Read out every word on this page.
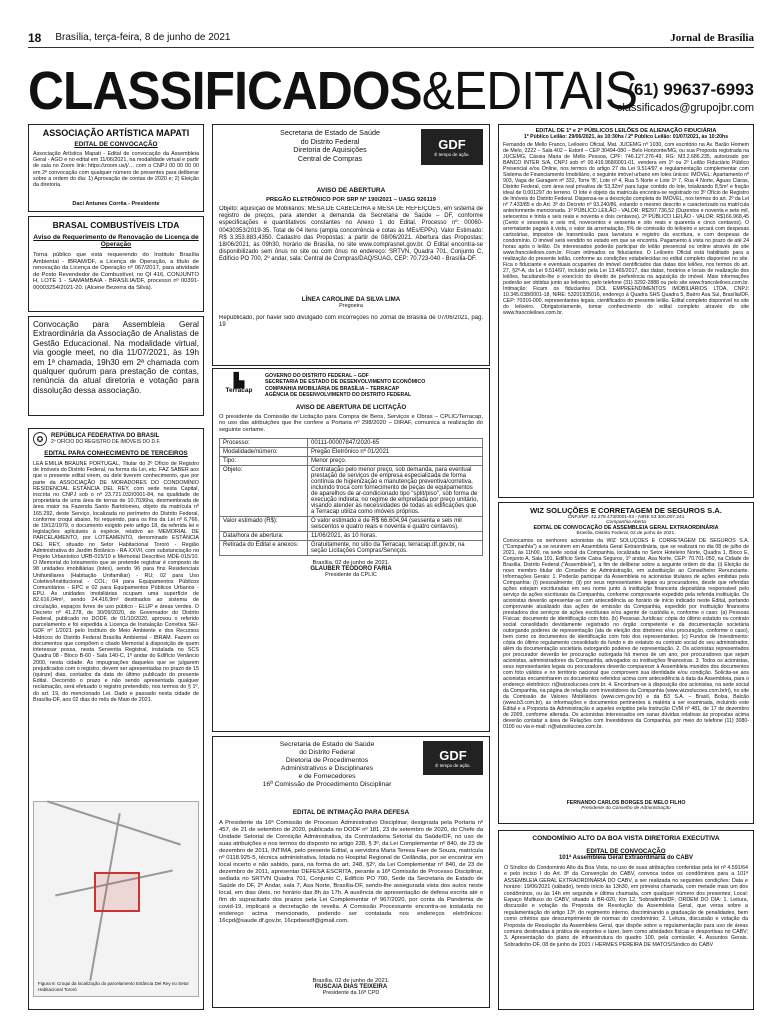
18 Brasília, terça-feira, 8 de junho de 2021	Jornal de Brasília
CLASSIFICADOS&EDITAIS
(61) 99637-6993
classificados@grupojbr.com
ASSOCIAÇÃO ARTÍSTICA MAPATI
EDITAL DE CONVOCAÇÃO
Associação Artística Mapati - Edital de convocação da Assembleia Geral - AGO e no edital em 11/06/2021, na modalidade virtual e partir de sala no Zoom link: https://zoom.us/j/… com o CNPJ 00 00 00 00 em 2ª convocação com qualquer número de presentes para deliberar sobre a ordem do dia: 1) Aprovação de contas de 2020 e; 2) Eleição da diretoria.
Daci Antunes Corrêa - Presidente
BRASAL COMBUSTÍVEIS LTDA
Aviso de Requerimento de Renovação de Licença de Operação
Torna público que está requerendo do Instituto Brasília Ambiental - IBRAM/DF, a Licença de Operação, a título de renovação da Licença de Operação nº 067/2017, para atividade de Posto Revendedor de Combustível, no QI 416, CONJUNTO H, LOTE 1 - SAMAMBAIA - BRASÍLIA/DF, processo nº 00391-00003254/2021-20. (Alcene Bezerra da Silva).
Convocação para Assembleia Geral Extraordinária da Associação de Analistas de Gestão Educacional. Na modalidade virtual, via google meet, no dia 11/07/2021, às 19h em 1ª chamada, 19h30 em 2ª chamada com qualquer quórum para prestação de contas, renúncia da atual diretoria e votação para dissolução dessa associação.
✪	REPÚBLICA FEDERATIVA DO BRASIL
2º OFÍCIO DO REGISTRO DE IMÓVEIS DO D.F.
EDITAL PARA CONHECIMENTO DE TERCEIROS
LÉA EMILIA BRAUNE PORTUGAL, Titular do 2º Ofício de Registro de Imóveis do Distrito Federal, na forma da Lei, etc. FAZ SABER aos que o presente edital virem, ou dele tiverem conhecimento, que por parte da ASSOCIAÇÃO DE MORADORES DO CONDOMÍNIO RESIDENCIAL ESTÂNCIA DEL REY, com sede nesta Capital, inscrita no CNPJ sob o nº 23.721.032/0001-84, na qualidade de proprietária de uma área de terras de 10,7036ha, desmembrada de área maior na Fazenda Santo Bartolomeu, objeto da matrícula nº 165.292, deste Serviço, localizada no perímetro do Distrito Federal, conforme croqui abaixo, foi requerido, para os fins da Lei nº 6.766, de 19/12/1979, o documento exigido pelo artigo 18, da referida lei e legislações aplicáveis à espécie, relativo ao MEMORIAL DE PARCELAMENTO, por LOTEAMENTO, denominado ESTÂNCIA DEL REY, situado no Setor Habitacional Tororó - Região Administrativa do Jardim Botânico - RA XXVII, com substanciação no Projeto Urbanístico URB-015/10 e Memorial Descritivo MDE-015/10. O Memorial do loteamento que se pretende registrar é composto de 98 unidades imobiliárias (lotes), sendo 96 para fins Residenciais Unifamiliares (Habitação Unifamiliar) - RU; 02 para Uso Coletivo/Institucional - COL; 04 para Equipamentos Públicos Comunitários - EPC e 02 para Equipamentos Públicos Urbanos - EPU. As unidades imobiliárias ocupam uma superfície de 82.616,04m², sendo 24.416,9m² destinados ao sistema de circulação, espaços livres de uso público - ELUP e áreas verdes. O Decreto nº 41.278, de 30/09/2020, do Governador do Distrito Federal, publicado no DODF, de 01/10/2020, aprovou o referido parcelamento e foi expedida a Licença de Instalação Corretiva SEI-GDF nº 1/2021 pelo Instituto do Meio Ambiente e dos Recursos Hídricos do Distrito Federal Brasília Ambiental - IBRAM. Fazem os documentos que compõem o citado Memorial à disposição de quem interessar possa, nesta Serventia Registral, instalada no SCS Quadra 08 - Bloco B-60 - Sala 140-C, 1º andar do Edifício Venâncio 2000, nesta cidade. As impugnações daqueles que se julgarem prejudicados com o registro, devem ser apresentadas no prazo de 15 (quinze) dias, contados da data do último publicado do presente Edital. Decorrido o prazo e não sendo apresentada qualquer reclamação, será efetuado o registro pretendido, nos termos do § 1º, do art. 19, do mencionado Lei. Dado e passado nesta cidade de Brasília-DF, aos 02 dias do mês de Maio de 2021.
Figura 6: Croqui da localização do parcelamento Estância Del Rey no Setor Habitacional Tororó
Secretaria de Estado de Saúde
do Distrito Federal
Diretoria de Aquisições
Central de Compras
GDF
É tempo de ação.
AVISO DE ABERTURA
PREGÃO ELETRÔNICO POR SRP Nº 190/2021 – UASG 926119
Objeto: aquisição de Mobiliários: MESA DE CABECEIRA e MESA DE REFEIÇÕES, em sistema de registro de preços, para atender a demanda da Secretaria de Saúde – DF, conforme especificações e quantitativos constantes no Anexo 1 do Edital. Processo nº: 00060-00430353/2019-35. Total de 04 itens (ampla concorrência e cotas às MEs/EPPs). Valor Estimado: R$ 3.353.883,4350. Cadastro das Propostas: a partir de 08/06/2021. Abertura das Propostas: 18/06/2021, às 09h30, horário de Brasília, no site www.comprasnet.gov.br. O Edital encontra-se disponibilizado sem ônus no site ou com ônus no endereço: SRTVN, Quadra 701, Conjunto C, Edifício PO 700, 2º andar, sala: Central de Compras/DAQ/SUAG, CEP: 70.723-040 - Brasília-DF.
LÍNEA CAROLINE DA SILVA LIMA
Pregoeira
Republicado, por haver sido divulgado com incorreções no Jornal de Brasília de 07/06/2021, pág. 19
▙
Terracap
GOVERNO DO DISTRITO FEDERAL – GDF
SECRETARIA DE ESTADO DE DESENVOLVIMENTO ECONÔMICO
COMPANHIA IMOBILIÁRIA DE BRASÍLIA – TERRACAP
AGÊNCIA DE DESENVOLVIMENTO DO DISTRITO FEDERAL
AVISO DE ABERTURA DE LICITAÇÃO
O presidente da Comissão de Licitação para Compra de Bens, Serviços e Obras – CPLIC/Terracap, no uso das atribuições que lhe confere a Portaria nº 298/2020 – DIRAF, comunica a realização do seguinte certame.
Processo:	00111-00007847/2020-65
Modalidade/número:	Pregão Eletrônico nº 01/2021
Tipo:	Menor preço.
Objeto:	Contratação pelo menor preço, sob demanda, para eventual prestação de serviços de empresa especializada de forma contínua de higienização e manutenção preventiva/corretiva, incluindo troca com fornecimento de peças de equipamentos de aparelhos de ar-condicionado tipo "split/piso", sob forma de execução indireta, no regime de empreitada por preço unitário, visando atender às necessidades de todas as edificações que a Terracap utiliza como imóveis próprios.
Valor estimado (R$):	O valor estimado é de R$ 66.604,94 (sessenta e seis mil seiscentos e quatro reais e noventa e quatro centavos).
Data/hora de abertura:	11/06/2021, às 10 horas.
Retirada do Edital e anexos:	Gratuitamente, no sítio da Terracap, terracap.df.gov.br, na seção Licitações Compras/Serviços.
Brasília, 02 de junho de 2021.
GLAUBER TEODORO FARIA
Presidente da CPLIC
Secretaria de Estado de Saúde
do Distrito Federal
Diretoria de Procedimentos
Administrativos e Disciplinares
e de Fornecedores
16ª Comissão de Procedimento Disciplinar
GDF
É tempo de ação.
EDITAL DE INTIMAÇÃO PARA DEFESA
A Presidente da 16ª Comissão de Processo Administrativo Disciplinar, designada pela Portaria nº 457, de 21 de setembro de 2020, publicada no DODF nº 181, 23 de setembro de 2020, do Chefe da Unidade Setorial de Correição Administrativa, da Controladoria Setorial da Saúde/DF, no uso de suas atribuições e nos termos do disposto no artigo 238, § 3º, da Lei Complementar nº 840, de 23 de dezembro de 2011, INTIMA, pelo presente Edital, a servidora Maria Teresa Faer de Souza, matrícula nº 0118.925-5, técnica administrativa, lotada no Hospital Regional de Ceilândia, por se encontrar em local incerto e não sabido, para, na forma do art. 248, §2º, da Lei Complementar nº 840, de 23 de dezembro de 2011, apresentar DEFESA ESCRITA, perante a 16ª Comissão de Processo Disciplinar, sediada no SRTVN Quadra 701, Conjunto C, Edifício PO 700, Sede da Secretaria de Estado de Saúde do DF, 2º Andar, sala 7, Asa Norte, Brasília-DF, sendo-lhe assegurada vista dos autos neste local, em dias úteis, no horário das 8h às 17h. A ausência de apresentação de defesa escrita até o fim do supracitado dos prazos pela Lei Complementar nº 967/2020, por conta da Pandemia de covid-19, implicará a decretação de revelia. A Comissão Processante encontra-se instalada no endereço acima mencionado, podendo ser contatada nos endereços eletrônicos: 16cpd@saude.df.gov.br, 16cpdsesdf@gmail.com.
Brasília, 02 de junho de 2021.
RUSCAIA DIAS TEIXEIRA
Presidente da 16ª CPD
EDITAL DE 1º e 2º PÚBLICOS LEILÕES DE ALIENAÇÃO FIDUCIÁRIA
1º Público Leilão: 29/06/2021, às 10:30hs / 2º Público Leilão: 01/07/2021, às 10:20hs
Fernando de Mello Franco, Leiloeiro Oficial, Mat. JUCEMG nº 1030, com escritório na Av. Barão Homem de Melo, 2222 – Sala 402 – Estoril – CEP 30494-080 – Belo Horizonte/MG, ou sua Proposta registrada na JUCEMG, Cássia Maria de Mello Pessoa, CPF: 746.127.276-49, RG: M3.2.686.235, autorizado por BANCO INTER S/A, CNPJ sob nº 00.416.968/0001-01, vendera em 1º ou 2º Leilão Fiduciário Público Presencial e/ou Online, nos termos do artigo 27 da Lei 9.514/97 e regulamentação complementar com Sistema de Financiamento Imobiliário, o seguinte imóvel urbano em lotes únicos: IMÓVEL: Apartamento nº 903, Vaga de Garagem nº 332, Torre 'B', Lote nº 4, Rua 5 Norte e Lote 1º 7, Rua 4 Norte, Águas Claras, Distrito Federal, com área real privativa de 53,32m² para lugar contido do lote, totalizando 8,5m² e fração ideal de 0,001297 do terreno. O lote é objeto da matrícula encontra-se registrado no 3º Ofício de Registro de Imóveis do Distrito Federal. Dispensa-se a descrição completa do IMÓVEL, nos termos do art. 2º da Lei nº 7.433/85 e do Art. 3º do Decreto nº 93.240/86, estando o mesmo descrito e caracterizado na matrícula anteriormente mencionada. 1º PÚBLICO LEILÃO - VALOR: R$297.736,52 (Duzentos e noventa e sete mil, setecentos e trinta e seis reais e noventa e dois centavos). 2º PÚBLICO LEILÃO - VALOR: R$166.968,45 (Cento e sessenta e seis mil, novecentos e sessenta e oito reais e quarenta e cinco centavos). O arrematante pagará à vista, o valor da arrematação, 5% de comissão do leiloeiro e arcará com despesas cartorárias, impostos de transmissão para lavratura e registro da escritura, e com despesas de condomínio. O imóvel será vendido no estado em que se encontra. Pagamento à vista no prazo de até 24 horas após o leilão. Os interessados poderão participar do leilão presencial ou online através do site www.francoleiloes.com.br. Ficam intimados os fiduciantes. O Leiloeiro Oficial está habilitado para a realização do presente leilão, conforme as condições estabelecidas no edital completo disponível no site. Fica o fiduciante e eventuais ocupantes do imóvel cientificados das datas dos leilões, nos termos do art. 27, §2º-A, da Lei 9.514/97, incluído pela Lei 13.465/2017, das datas, horários e locais de realização dos leilões, facultando-lhe o exercício do direito de preferência na aquisição do imóvel. Mais informações poderão ser obtidas junto ao leiloeiro, pelo telefone (31) 3292-2888 ou pelo site www.francoleiloes.com.br. Intimação: Ficam os fiduciantes DOL EMPREENDIMENTOS IMOBILIÁRIOS LTDA, CNPJ: 10.345.038/0001-18, NIRE: 53201935016, endereço à Quadra SHS Quadra 5, Bairro Asa Sul, Brasília/DF, CEP: 70316-000, representantes legais, cientificados do presente leilão. Edital completo disponível no site do leiloeiro. Obrigatoriamente, tomar conhecimento do edital completo através do site www.francoleiloes.com.br.
WIZ SOLUÇÕES E CORRETAGEM DE SEGUROS S.A.
CNPJ/MF: 42.278.473/0001-03 - NIRE 53.300.007.241
Companhia Aberta
EDITAL DE CONVOCAÇÃO DE ASSEMBLEIA GERAL EXTRAORDINÁRIA
Brasília, Distrito Federal, 02 de junho de 2021.
Convocamos os senhores acionistas da WIZ SOLUÇÕES E CORRETAGEM DE SEGUROS S.A. ("Companhia") a se reunirem em Assembleia Geral Extraordinária, que se realizará no dia 08 de julho de 2021, às 11h00, na sede social da Companhia, localizada no Setor Hoteleiro Norte, Quadra 1, Bloco E, Conjunto A, Sala 101, Edifício Sede Caixa Seguros, 1º andar, Asa Norte, CEP: 70.701-050, na Cidade de Brasília, Distrito Federal ("Assembleia"), a fim de deliberar sobre a seguinte ordem do dia: (i) Eleição de novo membro titular do Conselho de Administração, em substituição ao Conselheiro Renunciante. Informações Gerais: 1. Poderão participar da Assembleia os acionistas titulares de ações emitidas pela Companhia: (i) pessoalmente; (ii) por seus representantes legais ou procuradores, desde que referidas ações estejam escrituradas em seu nome junto à instituição financeira depositária responsável pelo serviço de ações escriturais da Companhia, conforme comprovante expedido pela referida instituição. Os acionistas deverão apresentar-se com antecedência ao horário de início indicado neste Edital, portando comprovante atualizado das ações de emissão da Companhia, expedido por instituição financeira prestadora dos serviços de ações escriturais e/ou agente de custódia e, conforme o caso: (a) Pessoas Físicas: documento de identificação com foto. (b) Pessoas Jurídicas: cópia do último estatuto ou contrato social consolidado devidamente registrado no órgão competente e da documentação societária outorgando poderes de representação (ata de eleição dos diretores e/ou procuração, conforme o caso), bem como os documentos de identificação com foto dos representantes. (c) Fundos de Investimento: cópia do último regulamento consolidado do fundo e do estatuto ou contrato social do seu administrador, além da documentação societária outorgando poderes de representação. 2. Os acionistas representados por procurador deverão ter procuração outorgada há menos de um ano, por procuradores que sejam acionistas, administradores da Companhia, advogados ou instituições financeiras. 3. Todos os acionistas, seus representantes legais ou procuradores deverão comparecer à Assembleia munidos dos documentos com foto válidos e no território nacional que comprovem sua identidade e/ou condição. Solicita-se aos acionistas encaminharem os documentos referidos acima com antecedência à data da Assembleia, para o endereço eletrônico: ri@wizsolucoes.com.br. 4. Encontram-se à disposição dos acionistas, na sede social da Companhia, na página de relação com investidores da Companhia (www.wizsolucoes.com.br/ri), no site da Comissão de Valores Mobiliários (www.cvm.gov.br) e da B3 S.A. – Brasil, Bolsa, Balcão (www.b3.com.br), as informações e documentos pertinentes à matéria a ser examinada, incluindo este Edital e a Proposta da Administração e aqueles exigidos pela Instrução CVM nº 481, de 17 de dezembro de 2009, conforme alterada. Os acionistas interessados em sanar dúvidas relativas às propostas acima deverão contatar a área de Relações com Investidores da Companhia, por meio do telefone (11) 3080-0100 ou via e-mail: ri@wizsolucoes.com.br.
FERNANDO CARLOS BORGES DE MELO FILHO
Presidente do Conselho de Administração
CONDOMÍNIO ALTO DA BOA VISTA DIRETORIA EXECUTIVA
EDITAL DE CONVOCAÇÃO
101ª Assembleia Geral Extraordinária do CABV
O Síndico do Condomínio Alto da Boa Vista, no uso de suas atribuições conferidas pela lei nº 4.591/64 e pelo inciso I do Art. 8º da Convenção do CABV, convoca todos os condôminos para a 101ª ASSEMBLEIA GERAL EXTRAORDINÁRIA DO CABV, a ser realizada no seguintes condições: Data e horário: 19/06/2021 (sábado), tendo início às 13h30, em primeira chamada, com metade mais um dos condôminos, ou às 14h em segunda e última chamada, com qualquer número dos presentes; Local: Espaço Multiuso do CABV, situado à BR-020, Km 12, Sobradinho/DF; ORDEM DO DIA: 1. Leitura, discussão e votação da Proposta de Resolução da Assembleia Geral, que versa sobre a regulamentação do artigo 13ª, do regimento interno, discriminando a graduação de penalidades, bem como critérios que descumprimento de normas do condomínio; 2. Leitura, discussão e votação da Proposta de Resolução da Assembleia Geral, que dispõe sobre a regulamentação para uso de áreas comuns destinadas à prática de esportes e lazer, bem como atividades físicas e desportivas no CABV; 3. Apresentação do plano de infraestrutura do quadro 100, pela comissão; 4. Assuntos Gerais. Sobradinho-DF, 08 de junho de 2021 / HERMES PEREIRA DE MATOS/Síndico do CABV
